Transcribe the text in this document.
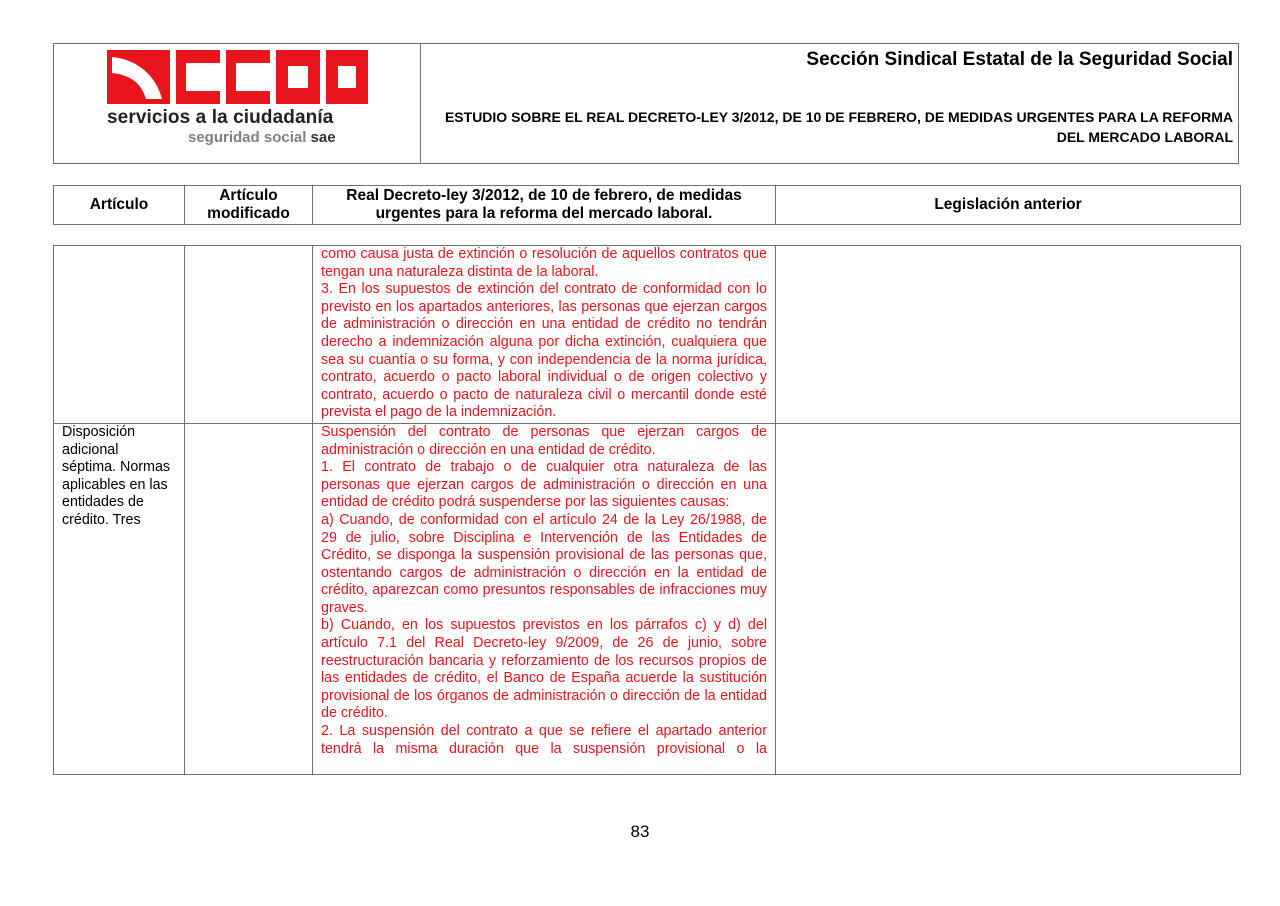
servicios a la ciudadanía
seguridad social sae
Sección Sindical Estatal de la Seguridad Social
ESTUDIO SOBRE EL REAL DECRETO-LEY 3/2012, DE 10 DE FEBRERO, DE MEDIDAS URGENTES PARA LA REFORMA DEL MERCADO LABORAL
Artículo	Artículo modificado	Real Decreto-ley 3/2012, de 10 de febrero, de medidas urgentes para la reforma del mercado laboral.	Legislación anterior

		como causa justa de extinción o resolución de aquellos contratos que tengan una naturaleza distinta de la laboral.

3. En los supuestos de extinción del contrato de conformidad con lo previsto en los apartados anteriores, las personas que ejerzan cargos de administración o dirección en una entidad de crédito no tendrán derecho a indemnización alguna por dicha extinción, cualquiera que sea su cuantía o su forma, y con independencia de la norma jurídica, contrato, acuerdo o pacto laboral individual o de origen colectivo y contrato, acuerdo o pacto de naturaleza civil o mercantil donde esté prevista el pago de la indemnización.	

Disposición adicional séptima. Normas aplicables en las entidades de crédito. Tres		Suspensión del contrato de personas que ejerzan cargos de administración o dirección en una entidad de crédito.

1. El contrato de trabajo o de cualquier otra naturaleza de las personas que ejerzan cargos de administración o dirección en una entidad de crédito podrá suspenderse por las siguientes causas:

a) Cuando, de conformidad con el artículo 24 de la Ley 26/1988, de 29 de julio, sobre Disciplina e Intervención de las Entidades de Crédito, se disponga la suspensión provisional de las personas que, ostentando cargos de administración o dirección en la entidad de crédito, aparezcan como presuntos responsables de infracciones muy graves.

b) Cuando, en los supuestos previstos en los párrafos c) y d) del artículo 7.1 del Real Decreto-ley 9/2009, de 26 de junio, sobre reestructuración bancaria y reforzamiento de los recursos propios de las entidades de crédito, el Banco de España acuerde la sustitución provisional de los órganos de administración o dirección de la entidad de crédito.

2. La suspensión del contrato a que se refiere el apartado anterior tendrá la misma duración que la suspensión provisional o la	

83
